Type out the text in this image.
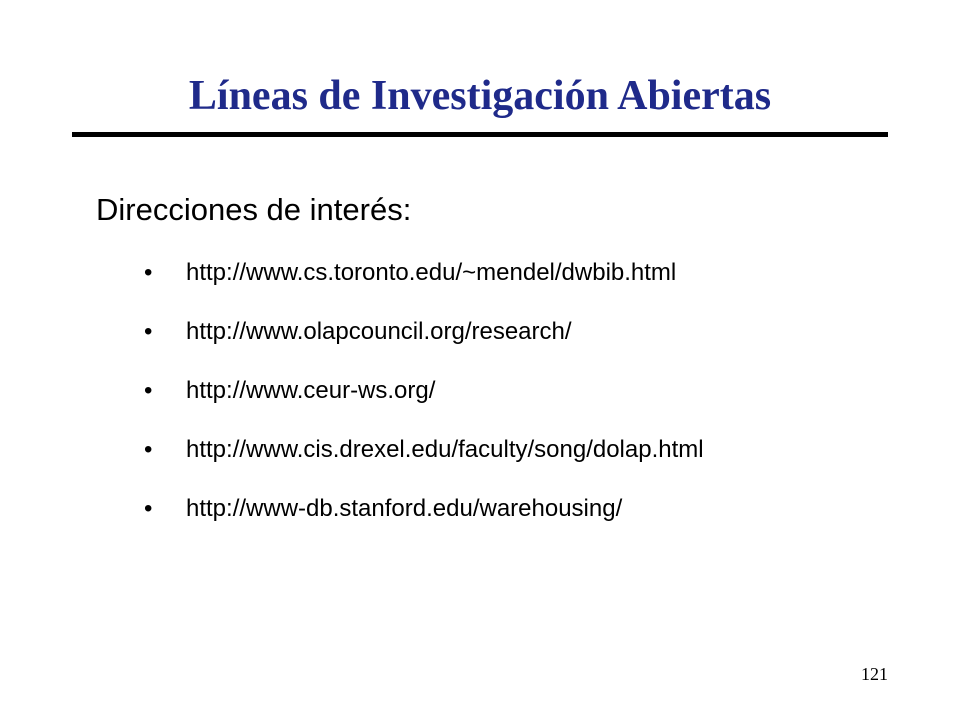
Líneas de Investigación Abiertas

Direcciones de interés:

•	http://www.cs.toronto.edu/~mendel/dwbib.html
•	http://www.olapcouncil.org/research/
•	http://www.ceur-ws.org/
•	http://www.cis.drexel.edu/faculty/song/dolap.html
•	http://www-db.stanford.edu/warehousing/
121
